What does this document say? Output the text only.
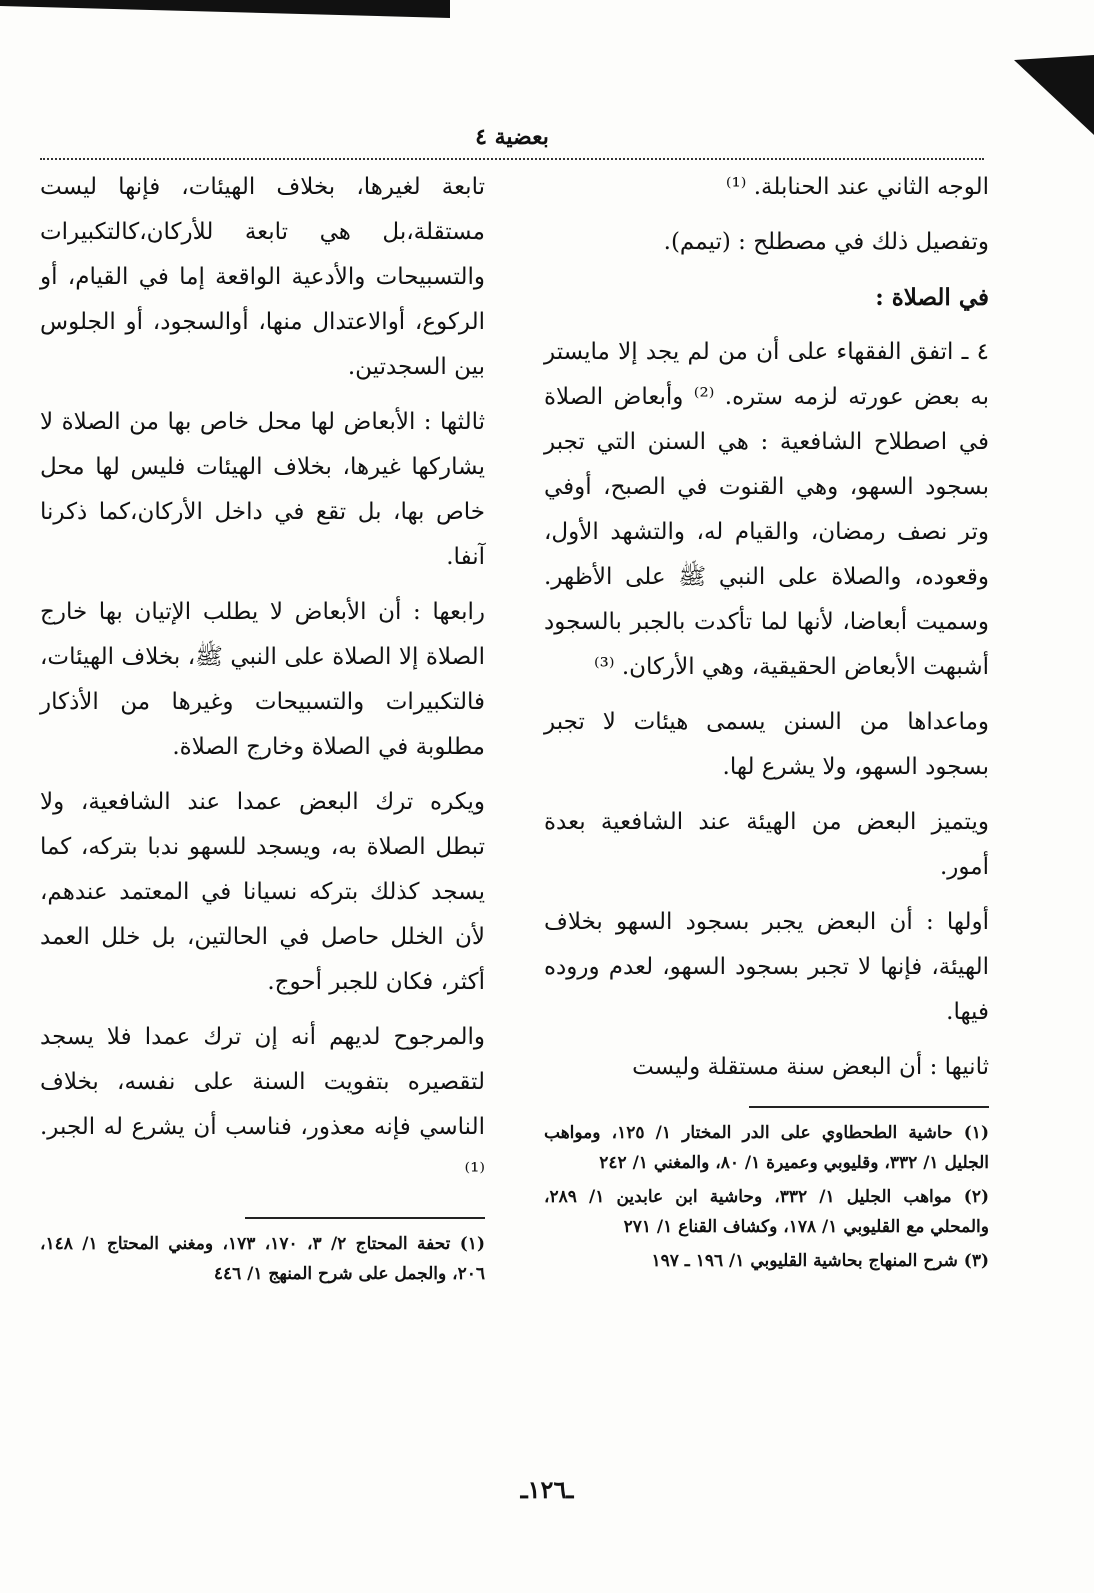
بعضية ٤

الوجه الثاني عند الحنابلة. ⁽¹⁾

وتفصيل ذلك في مصطلح : (تيمم).

في الصلاة :

٤ ـ اتفق الفقهاء على أن من لم يجد إلا مايستر به بعض عورته لزمه ستره. ⁽²⁾ وأبعاض الصلاة في اصطلاح الشافعية : هي السنن التي تجبر بسجود السهو، وهي القنوت في الصبح، أوفي وتر نصف رمضان، والقيام له، والتشهد الأول، وقعوده، والصلاة على النبي ﷺ على الأظهر. وسميت أبعاضا، لأنها لما تأكدت بالجبر بالسجود أشبهت الأبعاض الحقيقية، وهي الأركان. ⁽³⁾

وماعداها من السنن يسمى هيئات لا تجبر بسجود السهو، ولا يشرع لها.

ويتميز البعض من الهيئة عند الشافعية بعدة أمور.

أولها : أن البعض يجبر بسجود السهو بخلاف الهيئة، فإنها لا تجبر بسجود السهو، لعدم وروده فيها.

ثانيها : أن البعض سنة مستقلة وليست

(١) حاشية الطحطاوي على الدر المختار ١/ ١٢٥، ومواهب الجليل ١/ ٣٣٢، وقليوبي وعميرة ١/ ٨٠، والمغني ١/ ٢٤٢

(٢) مواهب الجليل ١/ ٣٣٢، وحاشية ابن عابدين ١/ ٢٨٩، والمحلي مع القليوبي ١/ ١٧٨، وكشاف القناع ١/ ٢٧١

(٣) شرح المنهاج بحاشية القليوبي ١/ ١٩٦ ـ ١٩٧

تابعة لغيرها، بخلاف الهيئات، فإنها ليست مستقلة،بل هي تابعة للأركان،كالتكبيرات والتسبيحات والأدعية الواقعة إما في القيام، أو الركوع، أوالاعتدال منها، أوالسجود، أو الجلوس بين السجدتين.

ثالثها : الأبعاض لها محل خاص بها من الصلاة لا يشاركها غيرها، بخلاف الهيئات فليس لها محل خاص بها، بل تقع في داخل الأركان،كما ذكرنا آنفا.

رابعها : أن الأبعاض لا يطلب الإتيان بها خارج الصلاة إلا الصلاة على النبي ﷺ، بخلاف الهيئات، فالتكبيرات والتسبيحات وغيرها من الأذكار مطلوبة في الصلاة وخارج الصلاة.

ويكره ترك البعض عمدا عند الشافعية، ولا تبطل الصلاة به، ويسجد للسهو ندبا بتركه، كما يسجد كذلك بتركه نسيانا في المعتمد عندهم، لأن الخلل حاصل في الحالتين، بل خلل العمد أكثر، فكان للجبر أحوج.

والمرجوح لديهم أنه إن ترك عمدا فلا يسجد لتقصيره بتفويت السنة على نفسه، بخلاف الناسي فإنه معذور، فناسب أن يشرع له الجبر. ⁽¹⁾

(١) تحفة المحتاج ٢/ ٣، ١٧٠، ١٧٣، ومغني المحتاج ١/ ١٤٨، ٢٠٦، والجمل على شرح المنهج ١/ ٤٤٦

ـ١٢٦ـ
